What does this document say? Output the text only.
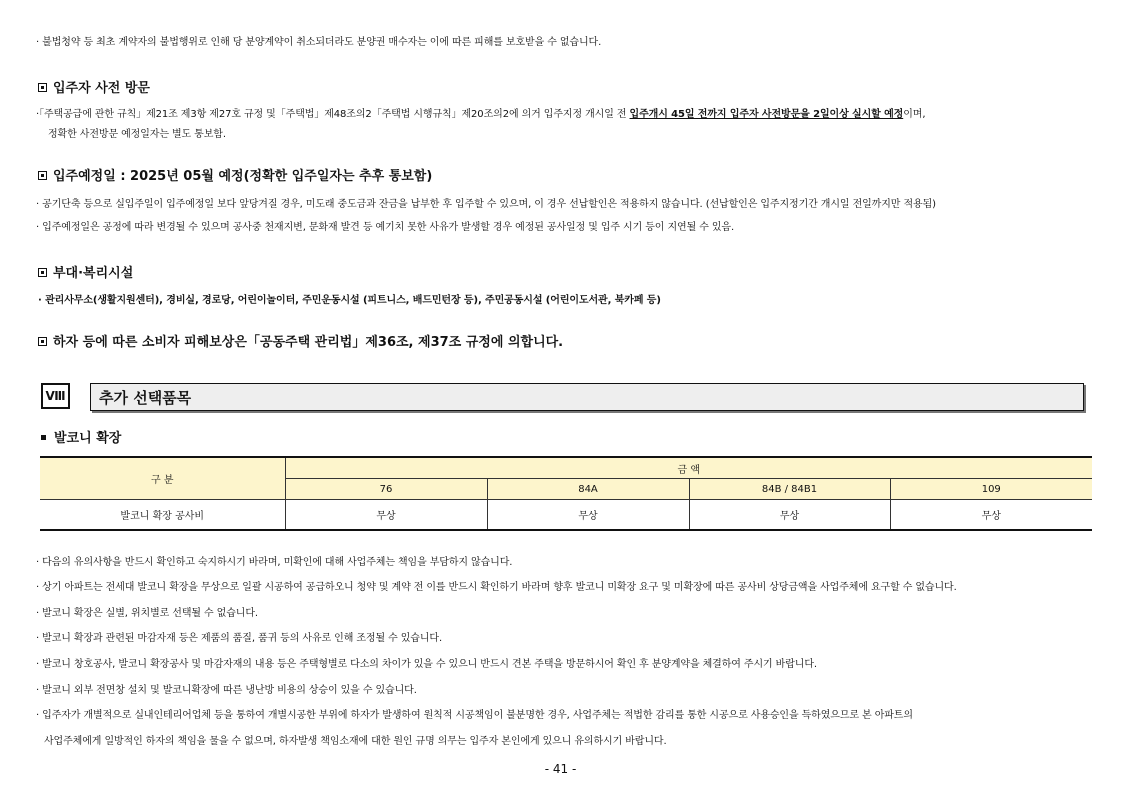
· 불법청약 등 최초 계약자의 불법행위로 인해 당 분양계약이 취소되더라도 분양권 매수자는 이에 따른 피해를 보호받을 수 없습니다.
입주자 사전 방문
·「주택공급에 관한 규칙」제21조 제3항 제27호 규정 및「주택법」제48조의2「주택법 시행규칙」제20조의2에 의거 입주지정 개시일 전 입주개시 45일 전까지 입주자 사전방문을 2일이상 실시할 예정이며,
정확한 사전방문 예정일자는 별도 통보함.
입주예정일 : 2025년 05월 예정(정확한 입주일자는 추후 통보함)
· 공기단축 등으로 실입주일이 입주예정일 보다 앞당겨질 경우, 미도래 중도금과 잔금을 납부한 후 입주할 수 있으며, 이 경우 선납할인은 적용하지 않습니다. (선납할인은 입주지정기간 개시일 전일까지만 적용됨)
· 입주예정일은 공정에 따라 변경될 수 있으며 공사중 천재지변, 문화재 발견 등 예기치 못한 사유가 발생할 경우 예정된 공사일정 및 입주 시기 등이 지연될 수 있음.
부대·복리시설
· 관리사무소(생활지원센터), 경비실, 경로당, 어린이놀이터, 주민운동시설 (피트니스, 배드민턴장 등), 주민공동시설 (어린이도서관, 북카페 등)
하자 등에 따른 소비자 피해보상은「공동주택 관리법」제36조, 제37조 규정에 의합니다.
Ⅷ	추가 선택품목
발코니 확장
구 분	금 액			
	76	84A	84B / 84B1	109
발코니 확장 공사비	무상	무상	무상	무상
· 다음의 유의사항을 반드시 확인하고 숙지하시기 바라며, 미확인에 대해 사업주체는 책임을 부담하지 않습니다.
· 상기 아파트는 전세대 발코니 확장을 무상으로 일괄 시공하여 공급하오니 청약 및 계약 전 이를 반드시 확인하기 바라며 향후 발코니 미확장 요구 및 미확장에 따른 공사비 상당금액을 사업주체에 요구할 수 없습니다.
· 발코니 확장은 실별, 위치별로 선택될 수 없습니다.
· 발코니 확장과 관련된 마감자재 등은 제품의 품질, 품귀 등의 사유로 인해 조정될 수 있습니다.
· 발코니 창호공사, 발코니 확장공사 및 마감자재의 내용 등은 주택형별로 다소의 차이가 있을 수 있으니 반드시 견본 주택을 방문하시어 확인 후 분양계약을 체결하여 주시기 바랍니다.
· 발코니 외부 전면창 설치 및 발코니확장에 따른 냉난방 비용의 상승이 있을 수 있습니다.
· 입주자가 개별적으로 실내인테리어업체 등을 통하여 개별시공한 부위에 하자가 발생하여 원칙적 시공책임이 불분명한 경우, 사업주체는 적법한 감리를 통한 시공으로 사용승인을 득하였으므로 본 아파트의
사업주체에게 일방적인 하자의 책임을 물을 수 없으며, 하자발생 책임소재에 대한 원인 규명 의무는 입주자 본인에게 있으니 유의하시기 바랍니다.
- 41 -
